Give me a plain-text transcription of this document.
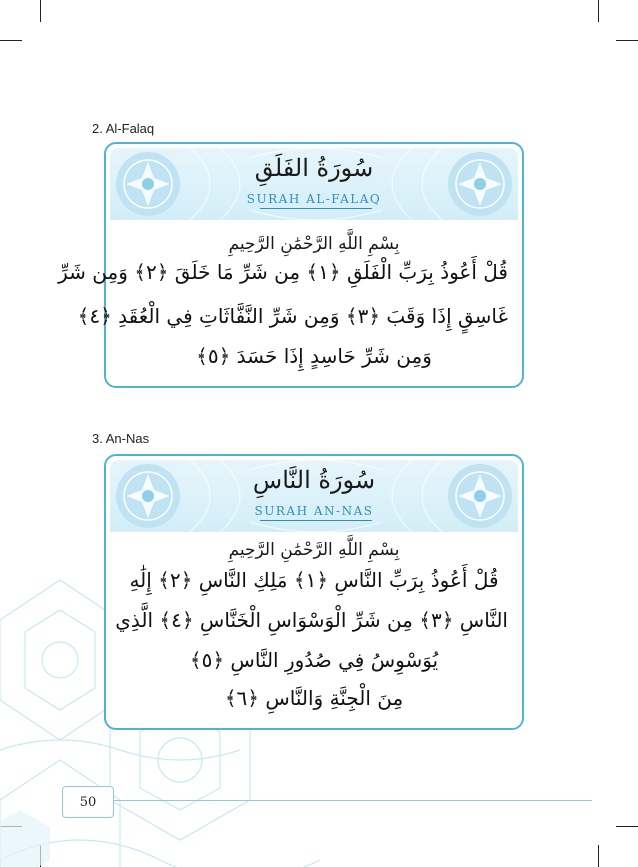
2. Al-Falaq
سُورَةُ الفَلَقِ
SURAH AL-FALAQ
بِسْمِ اللَّهِ الرَّحْمَٰنِ الرَّحِيمِ
قُلْ أَعُوذُ بِرَبِّ الْفَلَقِ ﴿١﴾ مِن شَرِّ مَا خَلَقَ ﴿٢﴾ وَمِن شَرِّ
غَاسِقٍ إِذَا وَقَبَ ﴿٣﴾ وَمِن شَرِّ النَّفَّاثَاتِ فِي الْعُقَدِ ﴿٤﴾
وَمِن شَرِّ حَاسِدٍ إِذَا حَسَدَ ﴿٥﴾
3. An-Nas
سُورَةُ النَّاسِ
SURAH AN-NAS
بِسْمِ اللَّهِ الرَّحْمَٰنِ الرَّحِيمِ
قُلْ أَعُوذُ بِرَبِّ النَّاسِ ﴿١﴾ مَلِكِ النَّاسِ ﴿٢﴾ إِلَٰهِ
النَّاسِ ﴿٣﴾ مِن شَرِّ الْوَسْوَاسِ الْخَنَّاسِ ﴿٤﴾ الَّذِي
يُوَسْوِسُ فِي صُدُورِ النَّاسِ ﴿٥﴾
مِنَ الْجِنَّةِ وَالنَّاسِ ﴿٦﴾
50
